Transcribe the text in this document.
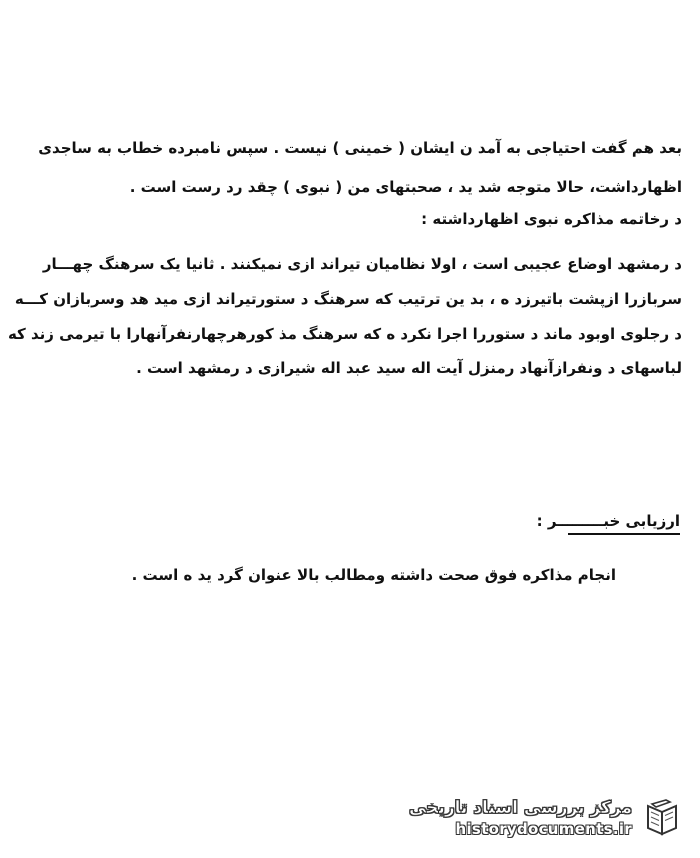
بعد هم گفت احتیاجی به آمد ن ایشان ( خمینی ) نیست . سپس نامبرده خطاب به ساجدی
اظهارداشت، حالا متوجه شد ید ، صحبتهای من ( نبوی ) چقد رد رست است .
د رخاتمه مذاکره نبوی اظهارداشته :
د رمشهد اوضاع عجیبی است ، اولا نظامیان تیراند ازی نمیکنند . ثانیا یک سرهنگ چهـــار
سربازرا ازپشت باتیرزد ه ، بد ین ترتیب که سرهنگ د ستورتیراند ازی مید هد وسربازان کـــه
د رجلوی اوبود ماند د ستوررا اجرا نکرد ه که سرهنگ مذ کورهرچهارنفرآنهارا با تیرمی زند که
لباسهای د ونفرازآنهاد رمنزل آیت اله سید عبد اله شیرازی د رمشهد است .
ارزیابی خبـــــــــر :
انجام مذاکره فوق صحت داشته ومطالب بالا عنوان گرد ید ه است .
مرکز بررسی اسناد تاریخی
historydocuments.ir
